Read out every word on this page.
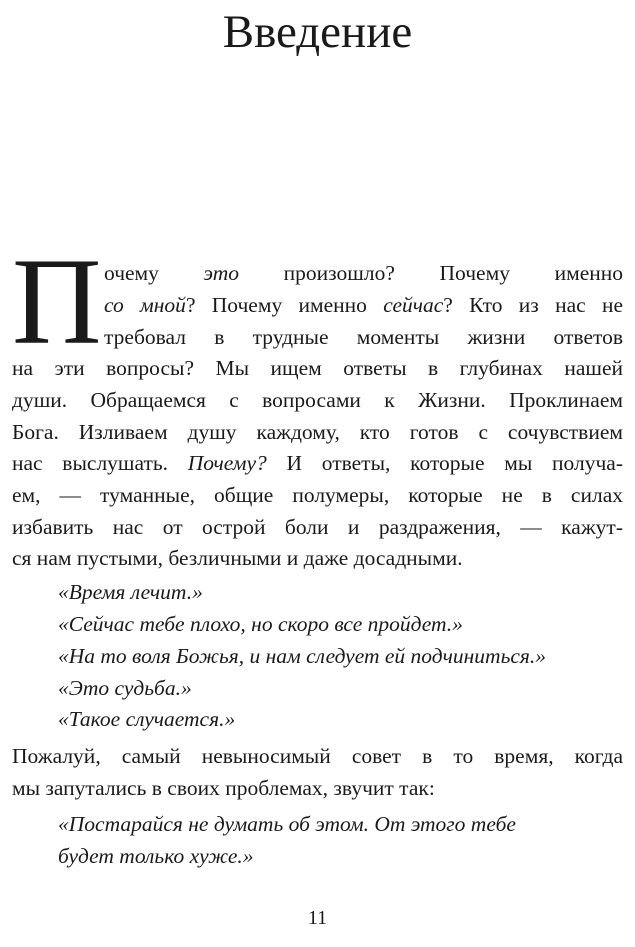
Введение
П очему это произошло? Почему именно
со мной? Почему именно сейчас? Кто из нас не
требовал в трудные моменты жизни ответов
на эти вопросы? Мы ищем ответы в глубинах нашей
души. Обращаемся с вопросами к Жизни. Проклинаем
Бога. Изливаем душу каждому, кто готов с сочувствием
нас выслушать. Почему? И ответы, которые мы получа-
ем, — туманные, общие полумеры, которые не в силах
избавить нас от острой боли и раздражения, — кажут-
ся нам пустыми, безличными и даже досадными.
«Время лечит.»
«Сейчас тебе плохо, но скоро все пройдет.»
«На то воля Божья, и нам следует ей подчиниться.»
«Это судьба.»
«Такое случается.»
Пожалуй, самый невыносимый совет в то время, когда
мы запутались в своих проблемах, звучит так:
«Постарайся не думать об этом. От этого тебе
будет только хуже.»
11
